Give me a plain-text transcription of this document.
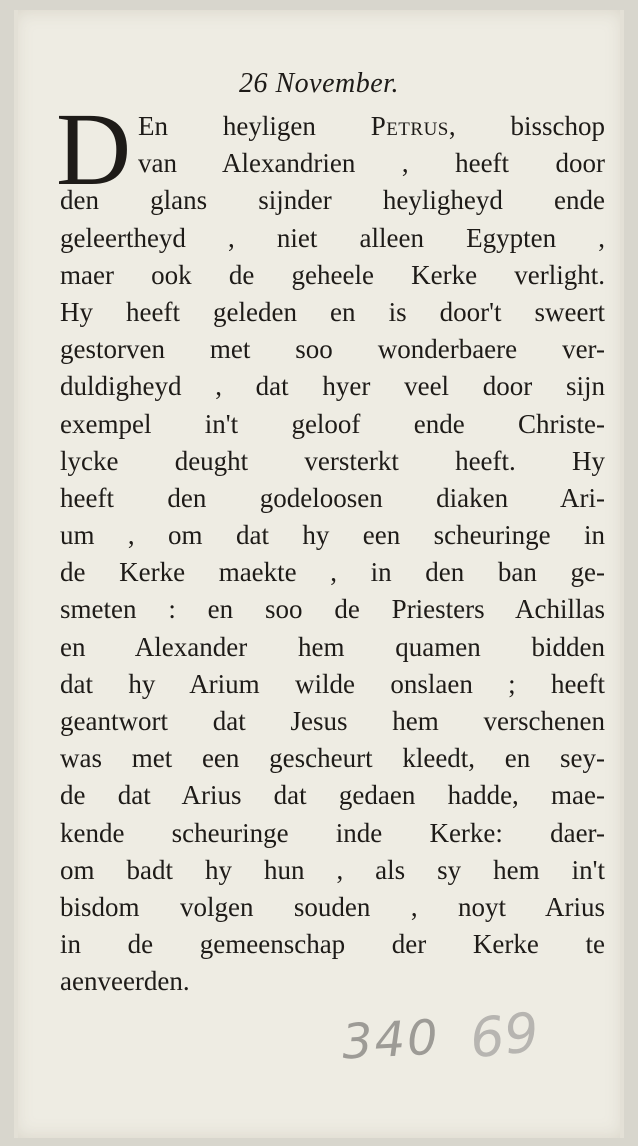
26 November.
D En heyligen Petrus, bisschop
van Alexandrien , heeft door
den glans sijnder heyligheyd ende
geleertheyd , niet alleen Egypten ,
maer ook de geheele Kerke verlight.
Hy heeft geleden en is door't sweert
gestorven met soo wonderbaere ver-
duldigheyd , dat hyer veel door sijn
exempel in't geloof ende Christe-
lycke deught versterkt heeft. Hy
heeft den godeloosen diaken Ari-
um , om dat hy een scheuringe in
de Kerke maekte , in den ban ge-
smeten : en soo de Priesters Achillas
en Alexander hem quamen bidden
dat hy Arium wilde onslaen ; heeft
geantwort dat Jesus hem verschenen
was met een gescheurt kleedt, en sey-
de dat Arius dat gedaen hadde, mae-
kende scheuringe inde Kerke: daer-
om badt hy hun , als sy hem in't
bisdom volgen souden , noyt Arius
in de gemeenschap der Kerke te
aenveerden.
340 69
